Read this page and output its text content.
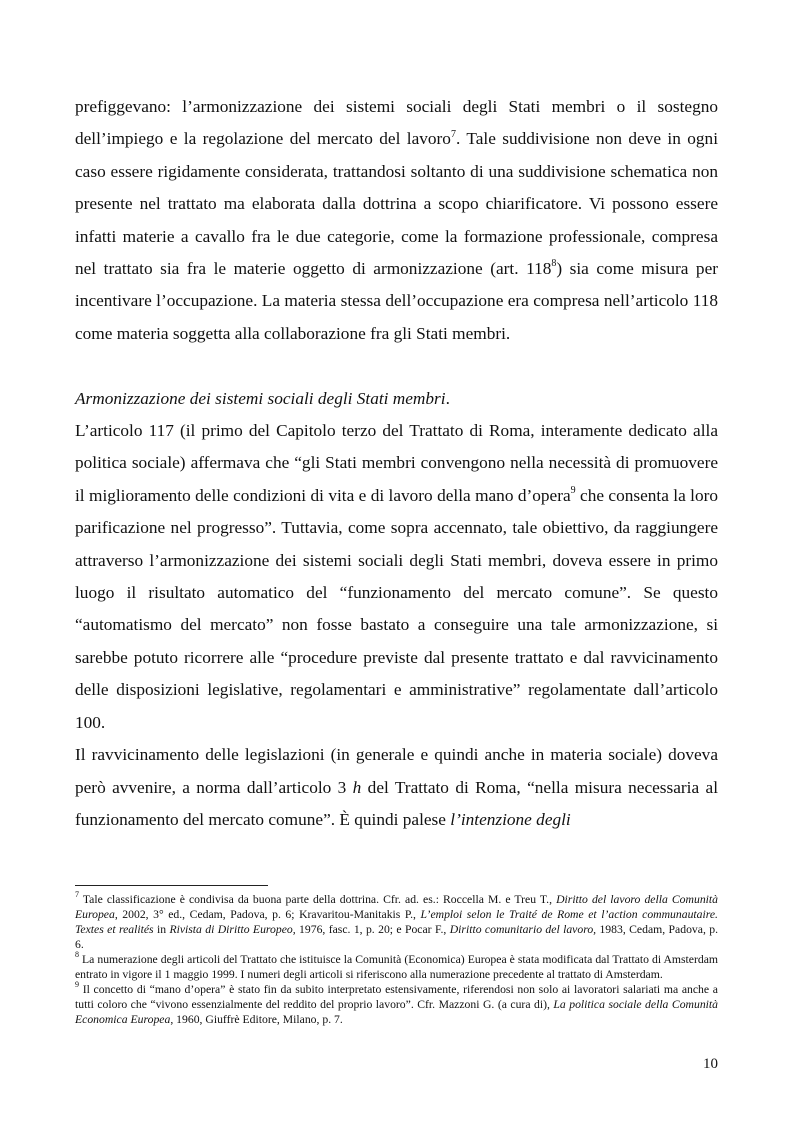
prefiggevano: l’armonizzazione dei sistemi sociali degli Stati membri o il sostegno dell’impiego e la regolazione del mercato del lavoro$^7$. Tale suddivisione non deve in ogni caso essere rigidamente considerata, trattandosi soltanto di una suddivisione schematica non presente nel trattato ma elaborata dalla dottrina a scopo chiarificatore. Vi possono essere infatti materie a cavallo fra le due categorie, come la formazione professionale, compresa nel trattato sia fra le materie oggetto di armonizzazione (art. $118^8$) sia come misura per incentivare l’occupazione. La materia stessa dell’occupazione era compresa nell’articolo 118 come materia soggetta alla collaborazione fra gli Stati membri.

Armonizzazione dei sistemi sociali degli Stati membri.

L’articolo 117 (il primo del Capitolo terzo del Trattato di Roma, interamente dedicato alla politica sociale) affermava che “gli Stati membri convengono nella necessità di promuovere il miglioramento delle condizioni di vita e di lavoro della mano d’opera$^9$ che consenta la loro parificazione nel progresso”. Tuttavia, come sopra accennato, tale obiettivo, da raggiungere attraverso l’armonizzazione dei sistemi sociali degli Stati membri, doveva essere in primo luogo il risultato automatico del “funzionamento del mercato comune”. Se questo “automatismo del mercato” non fosse bastato a conseguire una tale armonizzazione, si sarebbe potuto ricorrere alle “procedure previste dal presente trattato e dal ravvicinamento delle disposizioni legislative, regolamentari e amministrative” regolamentate dall’articolo 100.

Il ravvicinamento delle legislazioni (in generale e quindi anche in materia sociale) doveva però avvenire, a norma dall’articolo 3 h del Trattato di Roma, “nella misura necessaria al funzionamento del mercato comune”. È quindi palese l’intenzione degli

$^7$ Tale classificazione è condivisa da buona parte della dottrina. Cfr. ad. es.: Roccella M. e Treu T., Diritto del lavoro della Comunità Europea, 2002, 3° ed., Cedam, Padova, p. 6; Kravaritou-Manitakis P., L’emploi selon le Traité de Rome et l’action communautaire. Textes et realités in Rivista di Diritto Europeo, 1976, fasc. 1, p. 20; e Pocar F., Diritto comunitario del lavoro, 1983, Cedam, Padova, p. 6.

$^8$ La numerazione degli articoli del Trattato che istituisce la Comunità (Economica) Europea è stata modificata dal Trattato di Amsterdam entrato in vigore il 1 maggio 1999. I numeri degli articoli si riferiscono alla numerazione precedente al trattato di Amsterdam.

$^9$ Il concetto di “mano d’opera” è stato fin da subito interpretato estensivamente, riferendosi non solo ai lavoratori salariati ma anche a tutti coloro che “vivono essenzialmente del reddito del proprio lavoro”. Cfr. Mazzoni G. (a cura di), La politica sociale della Comunità Economica Europea, 1960, Giuffrè Editore, Milano, p. 7.

10
